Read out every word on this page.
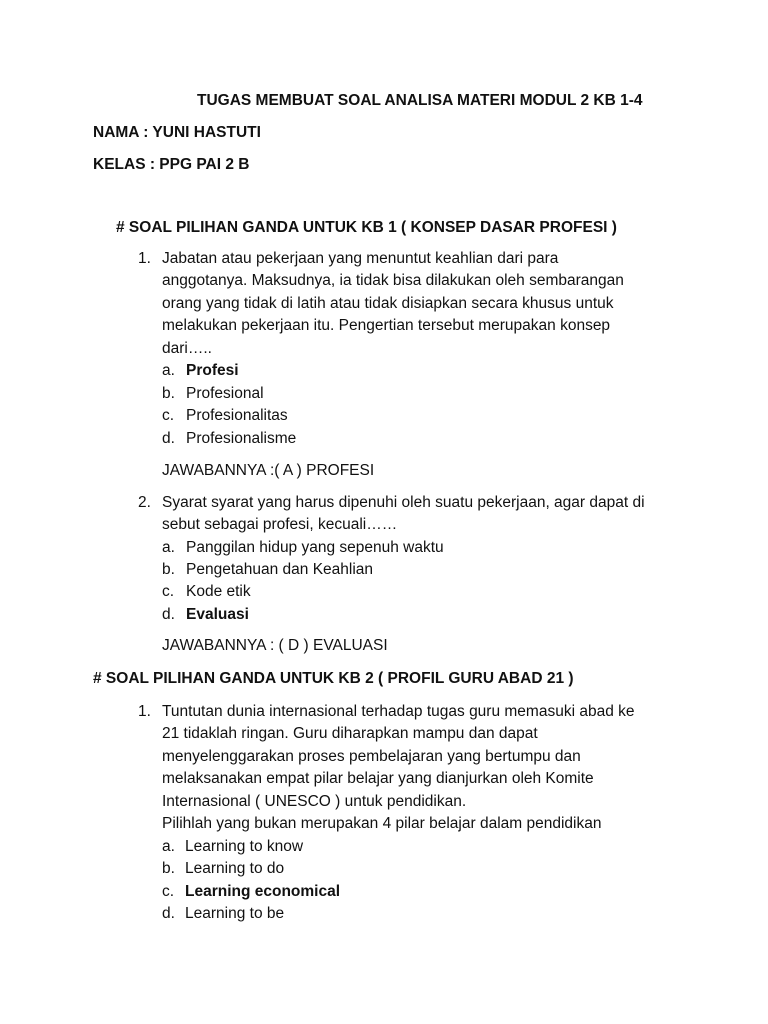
TUGAS MEMBUAT SOAL ANALISA MATERI MODUL 2 KB 1-4
NAMA : YUNI HASTUTI
KELAS : PPG PAI 2 B
# SOAL PILIHAN GANDA UNTUK KB 1 ( KONSEP DASAR PROFESI )
1. Jabatan atau pekerjaan yang menuntut keahlian dari para
anggotanya. Maksudnya, ia tidak bisa dilakukan oleh sembarangan
orang yang tidak di latih atau tidak disiapkan secara khusus untuk
melakukan pekerjaan itu. Pengertian tersebut merupakan konsep
dari…..
a. Profesi
b. Profesional
c. Profesionalitas
d. Profesionalisme
JAWABANNYA :( A ) PROFESI
2. Syarat syarat yang harus dipenuhi oleh suatu pekerjaan, agar dapat di
sebut sebagai profesi, kecuali……
a. Panggilan hidup yang sepenuh waktu
b. Pengetahuan dan Keahlian
c. Kode etik
d. Evaluasi
JAWABANNYA : ( D ) EVALUASI
# SOAL PILIHAN GANDA UNTUK KB 2 ( PROFIL GURU ABAD 21 )
1. Tuntutan dunia internasional terhadap tugas guru memasuki abad ke
21 tidaklah ringan. Guru diharapkan mampu dan dapat
menyelenggarakan proses pembelajaran yang bertumpu dan
melaksanakan empat pilar belajar yang dianjurkan oleh Komite
Internasional ( UNESCO ) untuk pendidikan.
Pilihlah yang bukan merupakan 4 pilar belajar dalam pendidikan
a. Learning to know
b. Learning to do
c. Learning economical
d. Learning to be
